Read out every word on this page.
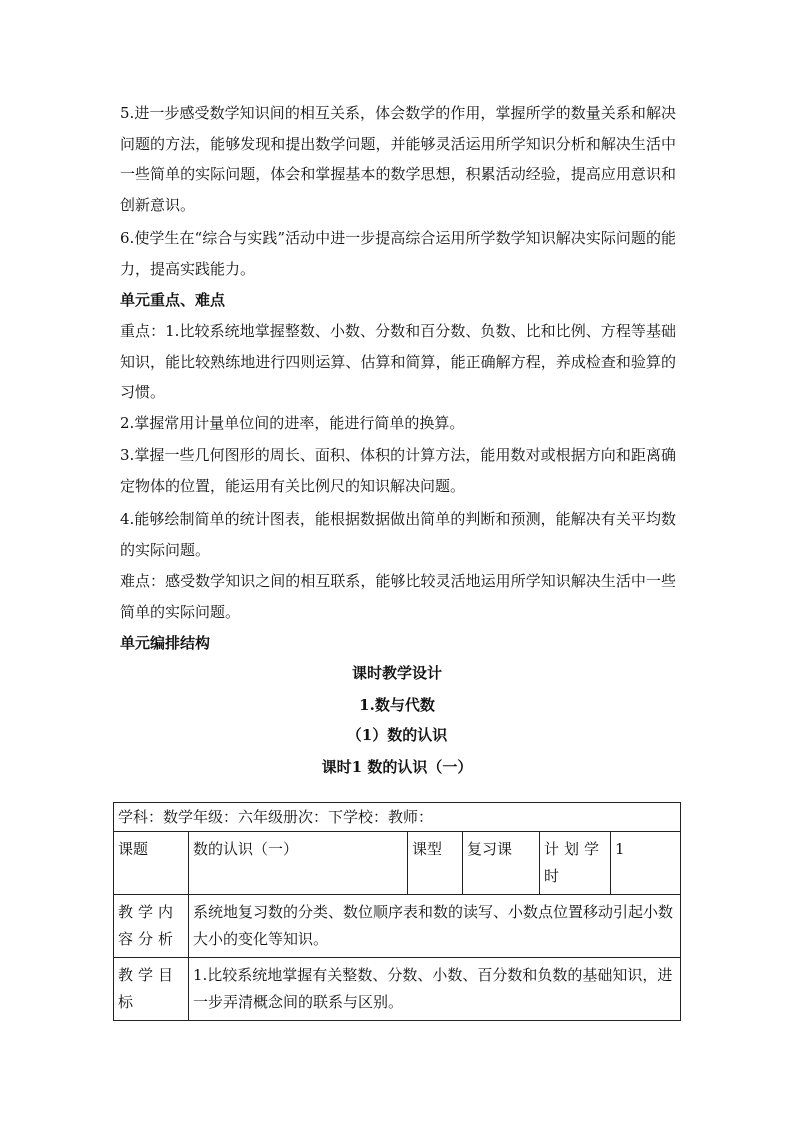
5.进一步感受数学知识间的相互关系，体会数学的作用，掌握所学的数量关系和解决问题的方法，能够发现和提出数学问题，并能够灵活运用所学知识分析和解决生活中一些简单的实际问题，体会和掌握基本的数学思想，积累活动经验，提高应用意识和创新意识。

6.使学生在“综合与实践”活动中进一步提高综合运用所学数学知识解决实际问题的能力，提高实践能力。

单元重点、难点

重点：1.比较系统地掌握整数、小数、分数和百分数、负数、比和比例、方程等基础知识，能比较熟练地进行四则运算、估算和简算，能正确解方程，养成检查和验算的习惯。

2.掌握常用计量单位间的进率，能进行简单的换算。

3.掌握一些几何图形的周长、面积、体积的计算方法，能用数对或根据方向和距离确定物体的位置，能运用有关比例尺的知识解决问题。

4.能够绘制简单的统计图表，能根据数据做出简单的判断和预测，能解决有关平均数的实际问题。

难点：感受数学知识之间的相互联系，能够比较灵活地运用所学知识解决生活中一些简单的实际问题。

单元编排结构

课时教学设计

1.数与代数

（1）数的认识

课时1 数的认识（一）

学科：数学年级：六年级册次：下学校：教师：					
课题	数的认识（一）	课型	复习课	计划学时	1
教学内容分析	系统地复习数的分类、数位顺序表和数的读写、小数点位置移动引起小数大小的变化等知识。				
教学目标	1.比较系统地掌握有关整数、分数、小数、百分数和负数的基础知识，进一步弄清概念间的联系与区别。				
